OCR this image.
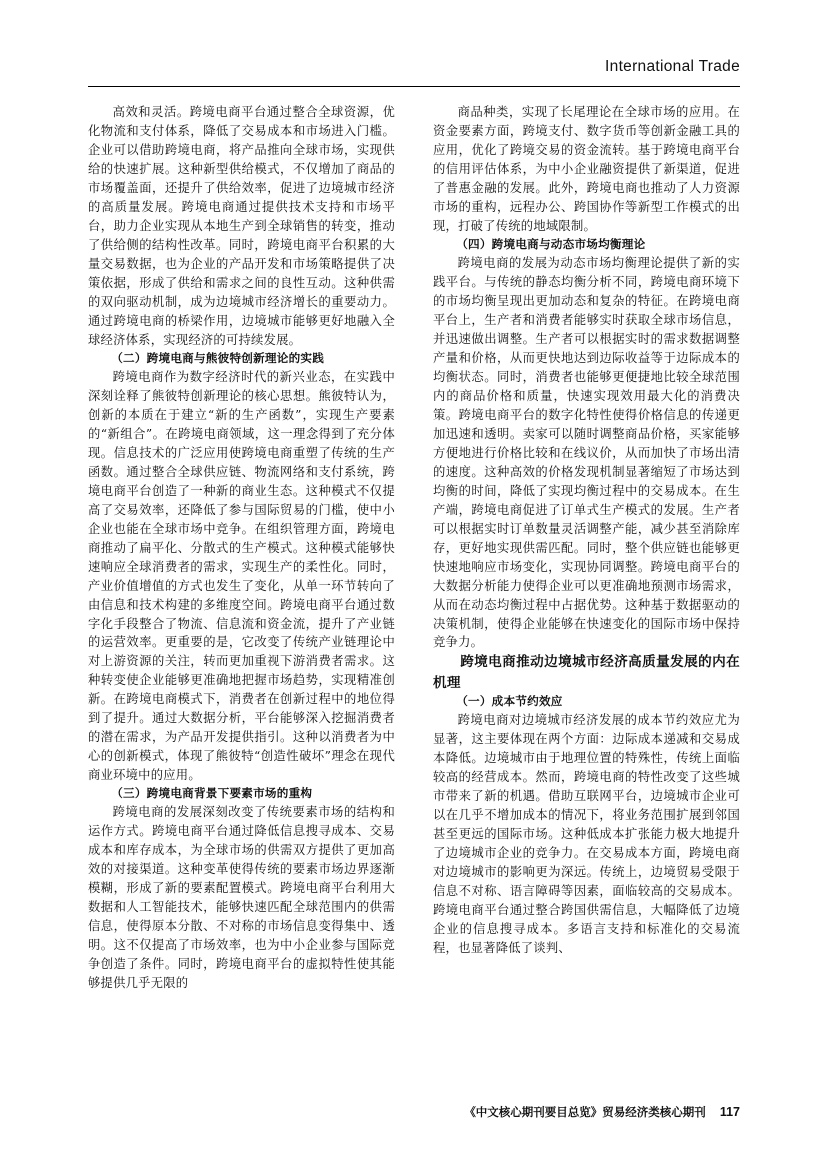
International Trade

高效和灵活。跨境电商平台通过整合全球资源，优化物流和支付体系，降低了交易成本和市场进入门槛。企业可以借助跨境电商，将产品推向全球市场，实现供给的快速扩展。这种新型供给模式，不仅增加了商品的市场覆盖面，还提升了供给效率，促进了边境城市经济的高质量发展。跨境电商通过提供技术支持和市场平台，助力企业实现从本地生产到全球销售的转变，推动了供给侧的结构性改革。同时，跨境电商平台积累的大量交易数据，也为企业的产品开发和市场策略提供了决策依据，形成了供给和需求之间的良性互动。这种供需的双向驱动机制，成为边境城市经济增长的重要动力。通过跨境电商的桥梁作用，边境城市能够更好地融入全球经济体系，实现经济的可持续发展。

（二）跨境电商与熊彼特创新理论的实践

跨境电商作为数字经济时代的新兴业态，在实践中深刻诠释了熊彼特创新理论的核心思想。熊彼特认为，创新的本质在于建立“新的生产函数”，实现生产要素的“新组合”。在跨境电商领域，这一理念得到了充分体现。信息技术的广泛应用使跨境电商重塑了传统的生产函数。通过整合全球供应链、物流网络和支付系统，跨境电商平台创造了一种新的商业生态。这种模式不仅提高了交易效率，还降低了参与国际贸易的门槛，使中小企业也能在全球市场中竞争。在组织管理方面，跨境电商推动了扁平化、分散式的生产模式。这种模式能够快速响应全球消费者的需求，实现生产的柔性化。同时，产业价值增值的方式也发生了变化，从单一环节转向了由信息和技术构建的多维度空间。跨境电商平台通过数字化手段整合了物流、信息流和资金流，提升了产业链的运营效率。更重要的是，它改变了传统产业链理论中对上游资源的关注，转而更加重视下游消费者需求。这种转变使企业能够更准确地把握市场趋势，实现精准创新。在跨境电商模式下，消费者在创新过程中的地位得到了提升。通过大数据分析，平台能够深入挖掘消费者的潜在需求，为产品开发提供指引。这种以消费者为中心的创新模式，体现了熊彼特“创造性破坏”理念在现代商业环境中的应用。

（三）跨境电商背景下要素市场的重构

跨境电商的发展深刻改变了传统要素市场的结构和运作方式。跨境电商平台通过降低信息搜寻成本、交易成本和库存成本，为全球市场的供需双方提供了更加高效的对接渠道。这种变革使得传统的要素市场边界逐渐模糊，形成了新的要素配置模式。跨境电商平台利用大数据和人工智能技术，能够快速匹配全球范围内的供需信息，使得原本分散、不对称的市场信息变得集中、透明。这不仅提高了市场效率，也为中小企业参与国际竞争创造了条件。同时，跨境电商平台的虚拟特性使其能够提供几乎无限的

商品种类，实现了长尾理论在全球市场的应用。在资金要素方面，跨境支付、数字货币等创新金融工具的应用，优化了跨境交易的资金流转。基于跨境电商平台的信用评估体系，为中小企业融资提供了新渠道，促进了普惠金融的发展。此外，跨境电商也推动了人力资源市场的重构，远程办公、跨国协作等新型工作模式的出现，打破了传统的地域限制。

（四）跨境电商与动态市场均衡理论

跨境电商的发展为动态市场均衡理论提供了新的实践平台。与传统的静态均衡分析不同，跨境电商环境下的市场均衡呈现出更加动态和复杂的特征。在跨境电商平台上，生产者和消费者能够实时获取全球市场信息，并迅速做出调整。生产者可以根据实时的需求数据调整产量和价格，从而更快地达到边际收益等于边际成本的均衡状态。同时，消费者也能够更便捷地比较全球范围内的商品价格和质量，快速实现效用最大化的消费决策。跨境电商平台的数字化特性使得价格信息的传递更加迅速和透明。卖家可以随时调整商品价格，买家能够方便地进行价格比较和在线议价，从而加快了市场出清的速度。这种高效的价格发现机制显著缩短了市场达到均衡的时间，降低了实现均衡过程中的交易成本。在生产端，跨境电商促进了订单式生产模式的发展。生产者可以根据实时订单数量灵活调整产能，减少甚至消除库存，更好地实现供需匹配。同时，整个供应链也能够更快速地响应市场变化，实现协同调整。跨境电商平台的大数据分析能力使得企业可以更准确地预测市场需求，从而在动态均衡过程中占据优势。这种基于数据驱动的决策机制，使得企业能够在快速变化的国际市场中保持竞争力。

跨境电商推动边境城市经济高质量发展的内在机理

（一）成本节约效应

跨境电商对边境城市经济发展的成本节约效应尤为显著，这主要体现在两个方面：边际成本递减和交易成本降低。边境城市由于地理位置的特殊性，传统上面临较高的经营成本。然而，跨境电商的特性改变了这些城市带来了新的机遇。借助互联网平台，边境城市企业可以在几乎不增加成本的情况下，将业务范围扩展到邻国甚至更远的国际市场。这种低成本扩张能力极大地提升了边境城市企业的竞争力。在交易成本方面，跨境电商对边境城市的影响更为深远。传统上，边境贸易受限于信息不对称、语言障碍等因素，面临较高的交易成本。跨境电商平台通过整合跨国供需信息，大幅降低了边境企业的信息搜寻成本。多语言支持和标准化的交易流程，也显著降低了谈判、

《中文核心期刊要目总览》贸易经济类核心期刊 117
